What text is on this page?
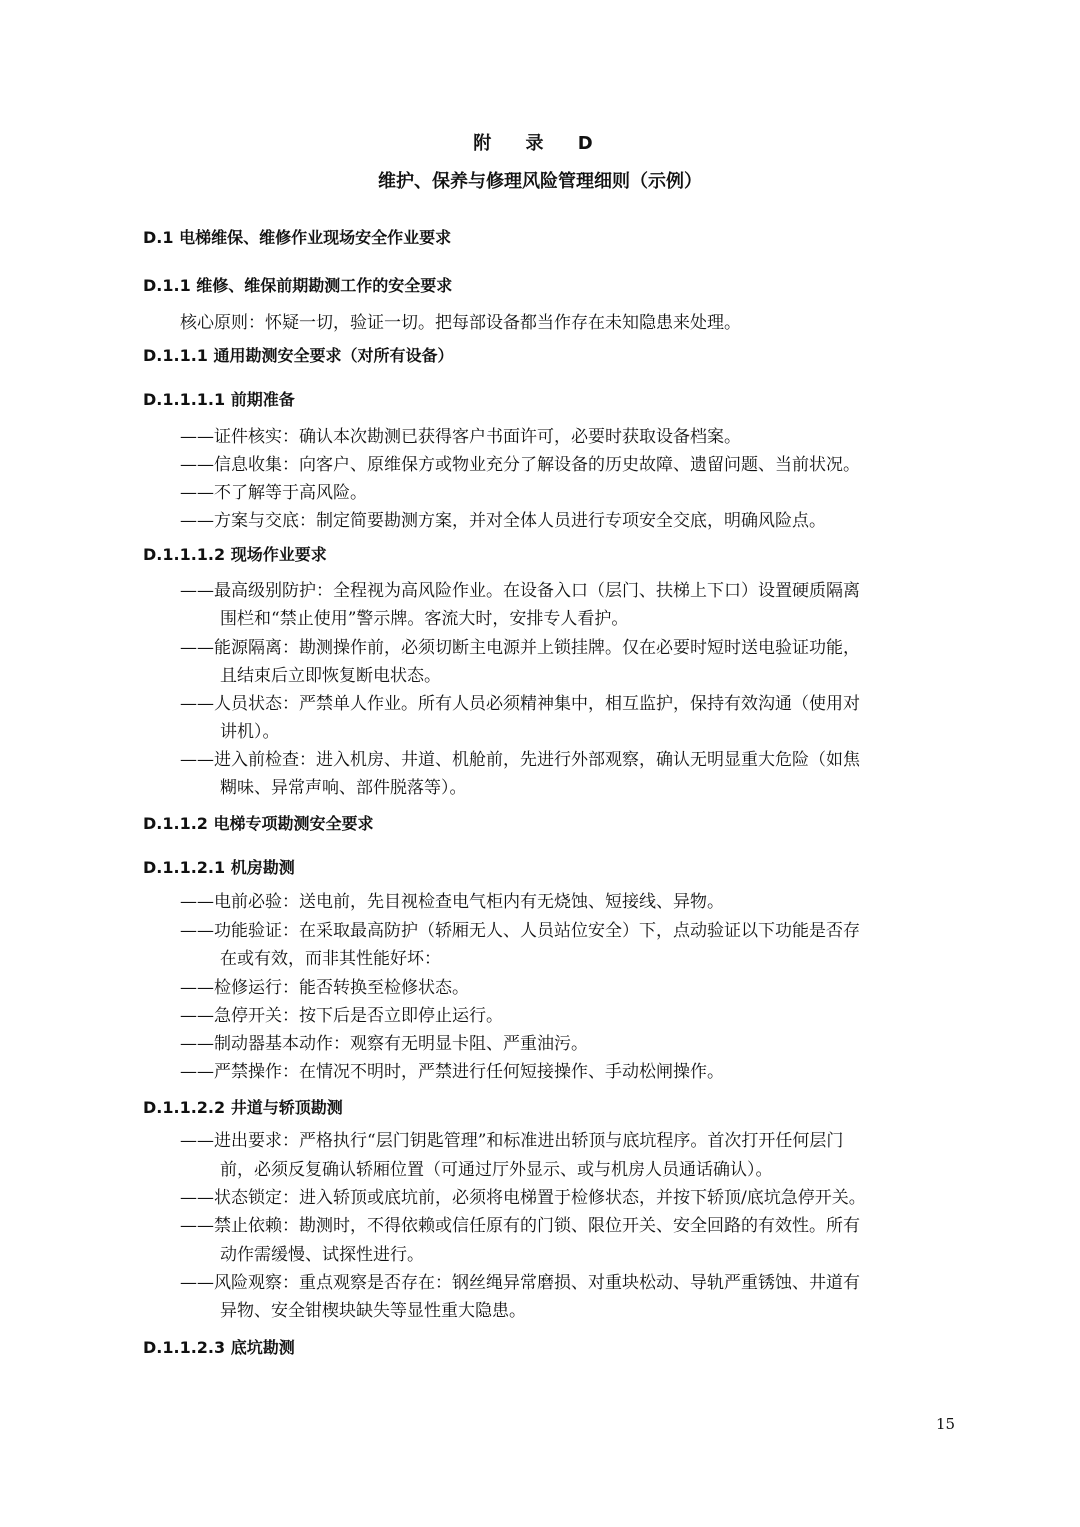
附 录 D
维护、保养与修理风险管理细则（示例）
D.1 电梯维保、维修作业现场安全作业要求
D.1.1 维修、维保前期勘测工作的安全要求
核心原则：怀疑一切，验证一切。把每部设备都当作存在未知隐患来处理。
D.1.1.1 通用勘测安全要求（对所有设备）
D.1.1.1.1 前期准备
——证件核实：确认本次勘测已获得客户书面许可，必要时获取设备档案。
——信息收集：向客户、原维保方或物业充分了解设备的历史故障、遗留问题、当前状况。
——不了解等于高风险。
——方案与交底：制定简要勘测方案，并对全体人员进行专项安全交底，明确风险点。
D.1.1.1.2 现场作业要求
——最高级别防护：全程视为高风险作业。在设备入口（层门、扶梯上下口）设置硬质隔离
围栏和“禁止使用”警示牌。客流大时，安排专人看护。
——能源隔离：勘测操作前，必须切断主电源并上锁挂牌。仅在必要时短时送电验证功能，
且结束后立即恢复断电状态。
——人员状态：严禁单人作业。所有人员必须精神集中，相互监护，保持有效沟通（使用对
讲机）。
——进入前检查：进入机房、井道、机舱前，先进行外部观察，确认无明显重大危险（如焦
糊味、异常声响、部件脱落等）。
D.1.1.2 电梯专项勘测安全要求
D.1.1.2.1 机房勘测
——电前必验：送电前，先目视检查电气柜内有无烧蚀、短接线、异物。
——功能验证：在采取最高防护（轿厢无人、人员站位安全）下，点动验证以下功能是否存
在或有效，而非其性能好坏：
——检修运行：能否转换至检修状态。
——急停开关：按下后是否立即停止运行。
——制动器基本动作：观察有无明显卡阻、严重油污。
——严禁操作：在情况不明时，严禁进行任何短接操作、手动松闸操作。
D.1.1.2.2 井道与轿顶勘测
——进出要求：严格执行“层门钥匙管理”和标准进出轿顶与底坑程序。首次打开任何层门
前，必须反复确认轿厢位置（可通过厅外显示、或与机房人员通话确认）。
——状态锁定：进入轿顶或底坑前，必须将电梯置于检修状态，并按下轿顶/底坑急停开关。
——禁止依赖：勘测时，不得依赖或信任原有的门锁、限位开关、安全回路的有效性。所有
动作需缓慢、试探性进行。
——风险观察：重点观察是否存在：钢丝绳异常磨损、对重块松动、导轨严重锈蚀、井道有
异物、安全钳楔块缺失等显性重大隐患。
D.1.1.2.3 底坑勘测
15
